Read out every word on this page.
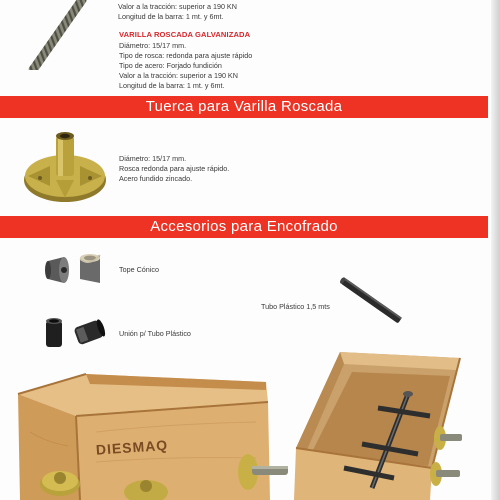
Valor a la tracción: superior a 190 KN
Longitud de la barra: 1 mt. y 6mt.
VARILLA ROSCADA GALVANIZADA
Diámetro: 15/17 mm.
Tipo de rosca: redonda para ajuste rápido
Tipo de acero: Forjado fundición
Valor a la tracción: superior a 190 KN
Longitud de la barra: 1 mt. y 6mt.
Tuerca para Varilla Roscada
Diámetro: 15/17 mm.
Rosca redonda para ajuste rápido.
Acero fundido zincado.
Accesorios para Encofrado
Tope Cónico
Tubo Plástico 1,5 mts
Unión p/ Tubo Plástico
DIESMAQ
